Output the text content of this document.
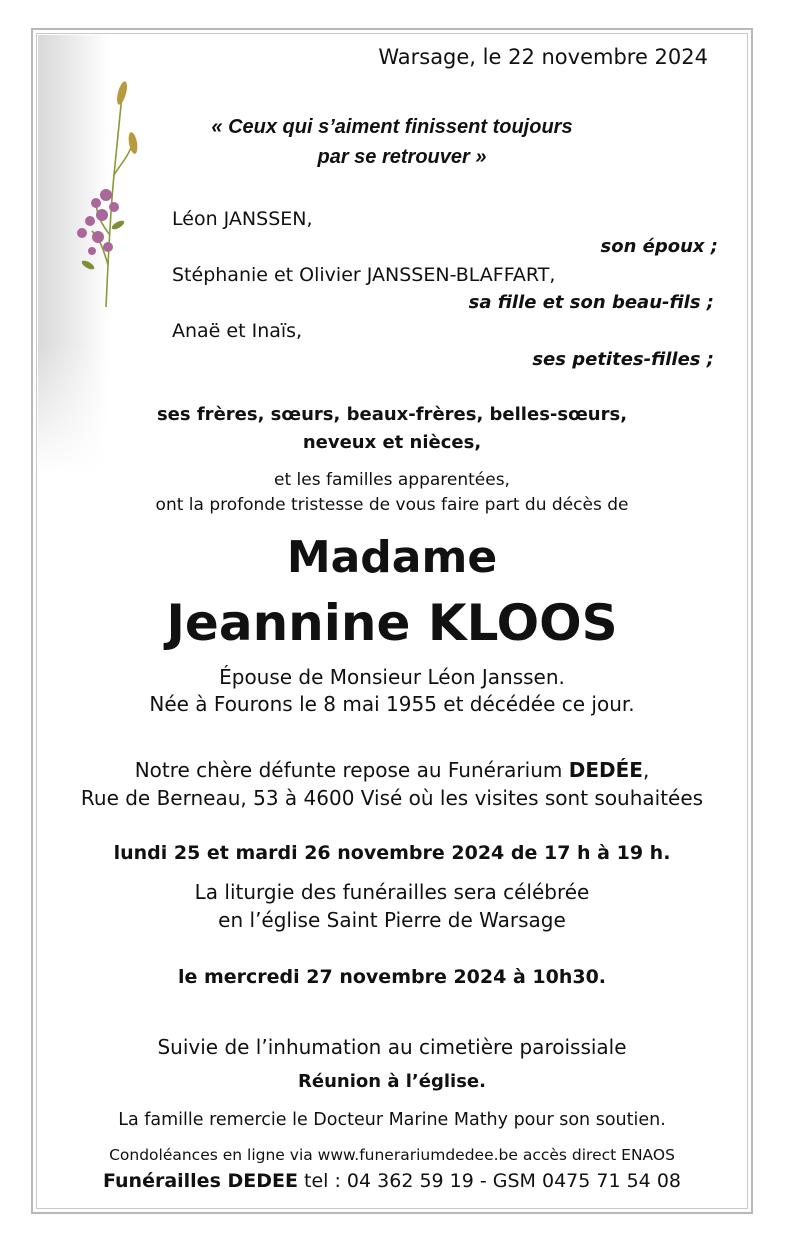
Warsage, le 22 novembre 2024
« Ceux qui s’aiment finissent toujours
par se retrouver »
Léon JANSSEN,
son époux ;
Stéphanie et Olivier JANSSEN-BLAFFART,
sa fille et son beau-fils ;
Anaë et Inaïs,
ses petites-filles ;
ses frères, sœurs, beaux-frères, belles-sœurs,
neveux et nièces,
et les familles apparentées,
ont la profonde tristesse de vous faire part du décès de
Madame
Jeannine KLOOS
Épouse de Monsieur Léon Janssen.
Née à Fourons le 8 mai 1955 et décédée ce jour.
Notre chère défunte repose au Funérarium DEDÉE,
Rue de Berneau, 53 à 4600 Visé où les visites sont souhaitées
lundi 25 et mardi 26 novembre 2024 de 17 h à 19 h.
La liturgie des funérailles sera célébrée
en l’église Saint Pierre de Warsage
le mercredi 27 novembre 2024 à 10h30.
Suivie de l’inhumation au cimetière paroissiale
Réunion à l’église.
La famille remercie le Docteur Marine Mathy pour son soutien.
Condoléances en ligne via www.funerariumdedee.be accès direct ENAOS
Funérailles DEDEE tel : 04 362 59 19 - GSM 0475 71 54 08
